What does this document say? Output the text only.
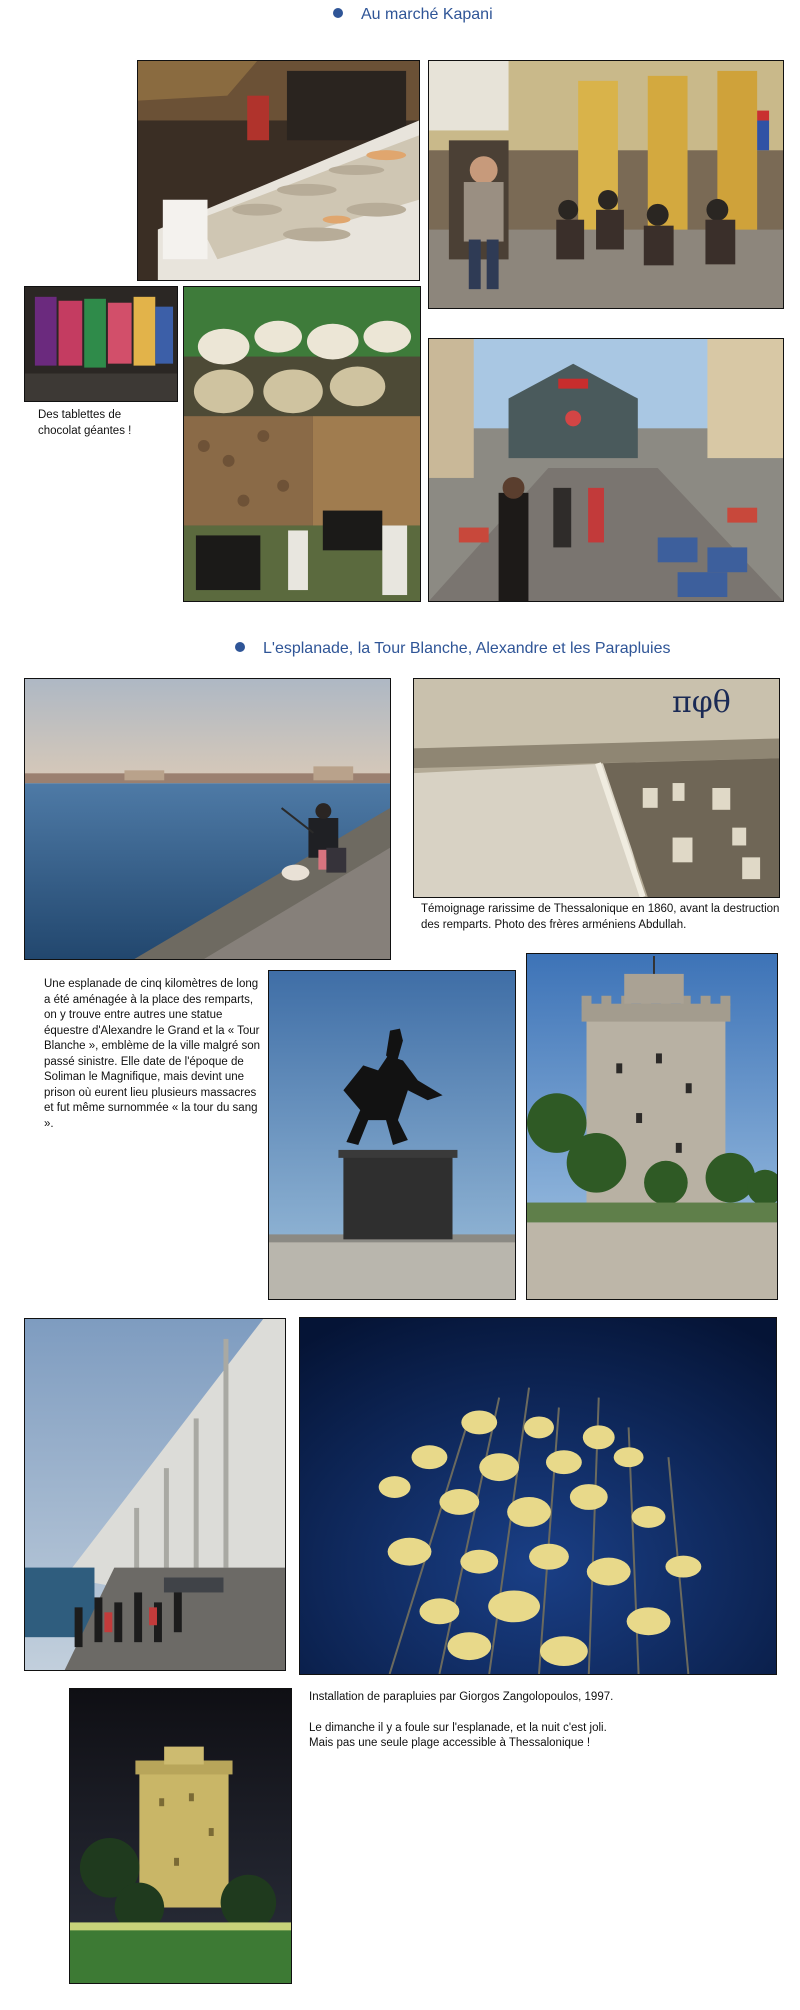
Au marché Kapani

Des tablettes de chocolat géantes !

L'esplanade, la Tour Blanche, Alexandre et les Parapluies
πφθ

Témoignage rarissime de Thessalonique en 1860, avant la destruction des remparts. Photo des frères arméniens Abdullah.

Une esplanade de cinq kilomètres de long a été aménagée à la place des remparts, on y trouve entre autres une statue équestre d'Alexandre le Grand et la « Tour Blanche », emblème de la ville malgré son passé sinistre. Elle date de l'époque de Soliman le Magnifique, mais devint une prison où eurent lieu plusieurs massacres et fut même surnommée « la tour du sang ».

Installation de parapluies par Giorgos Zangolopoulos, 1997.

Le dimanche il y a foule sur l'esplanade, et la nuit c'est joli.

Mais pas une seule plage accessible à Thessalonique !
